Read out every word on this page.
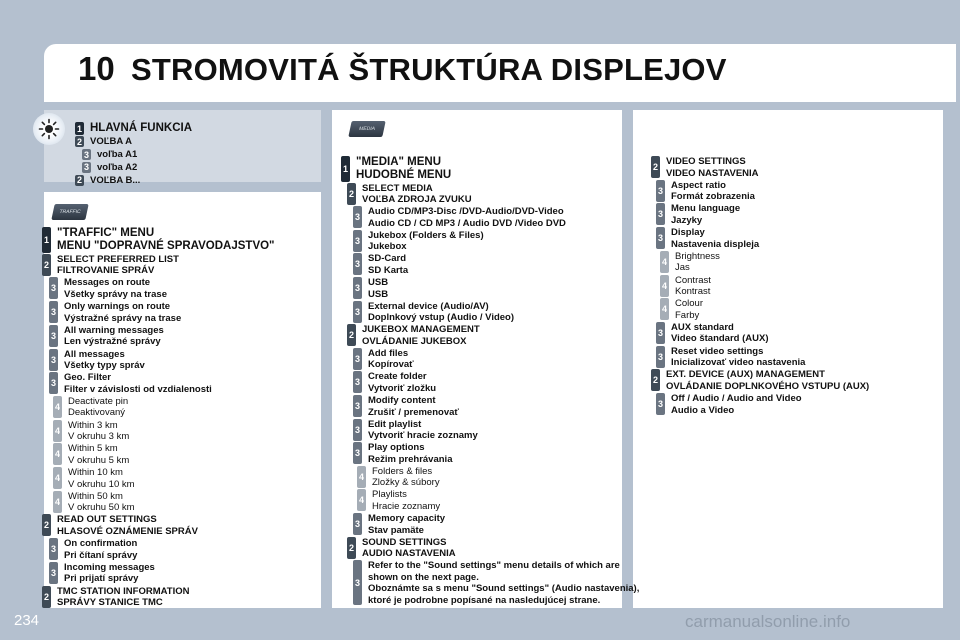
10 STROMOVITÁ ŠTRUKTÚRA DISPLEJOV
TRAFFIC
MEDIA
1 HLAVNÁ FUNKCIA
2 VOĽBA A
3 voľba A1
3 voľba A2
2 VOĽBA B...
1
"TRAFFIC" MENU
MENU "DOPRAVNÉ SPRAVODAJSTVO"
2 SELECT PREFERRED LIST
FILTROVANIE SPRÁV
3 Messages on route
Všetky správy na trase
3 Only warnings on route
Výstražné správy na trase
3 All warning messages
Len výstražné správy
3 All messages
Všetky typy správ
3 Geo. Filter
Filter v závislosti od vzdialenosti
4 Deactivate pin
Deaktivovaný
4 Within 3 km
V okruhu 3 km
4 Within 5 km
V okruhu 5 km
4 Within 10 km
V okruhu 10 km
4 Within 50 km
V okruhu 50 km
2 READ OUT SETTINGS
HLASOVÉ OZNÁMENIE SPRÁV
3 On confirmation
Pri čítaní správy
3 Incoming messages
Pri prijatí správy
2 TMC STATION INFORMATION
SPRÁVY STANICE TMC
1
"MEDIA" MENU
HUDOBNÉ MENU
2 SELECT MEDIA
VOĽBA ZDROJA ZVUKU
3 Audio CD/MP3-Disc /DVD-Audio/DVD-Video
Audio CD / CD MP3 / Audio DVD /Video DVD
3 Jukebox (Folders & Files)
Jukebox
3 SD-Card
SD Karta
3 USB
USB
3 External device (Audio/AV)
Doplnkový vstup (Audio / Video)
2 JUKEBOX MANAGEMENT
OVLÁDANIE JUKEBOX
3 Add files
Kopírovať
3 Create folder
Vytvoriť zložku
3 Modify content
Zrušiť / premenovať
3 Edit playlist
Vytvoriť hracie zoznamy
3 Play options
Režim prehrávania
4 Folders & files
Zložky & súbory
4 Playlists
Hracie zoznamy
3 Memory capacity
Stav pamäte
2 SOUND SETTINGS
AUDIO NASTAVENIA
3
Refer to the "Sound settings" menu details of which are
shown on the next page.
Oboznámte sa s menu "Sound settings" (Audio nastavenia),
ktoré je podrobne popísané na nasledujúcej strane.
2 VIDEO SETTINGS
VIDEO NASTAVENIA
3 Aspect ratio
Formát zobrazenia
3 Menu language
Jazyky
3 Display
Nastavenia displeja
4 Brightness
Jas
4 Contrast
Kontrast
4 Colour
Farby
3 AUX standard
Video štandard (AUX)
3 Reset video settings
Inicializovať video nastavenia
2 EXT. DEVICE (AUX) MANAGEMENT
OVLÁDANIE DOPLNKOVÉHO VSTUPU (AUX)
3 Off / Audio / Audio and Video
Audio a Video
234	carmanualsonline.info
